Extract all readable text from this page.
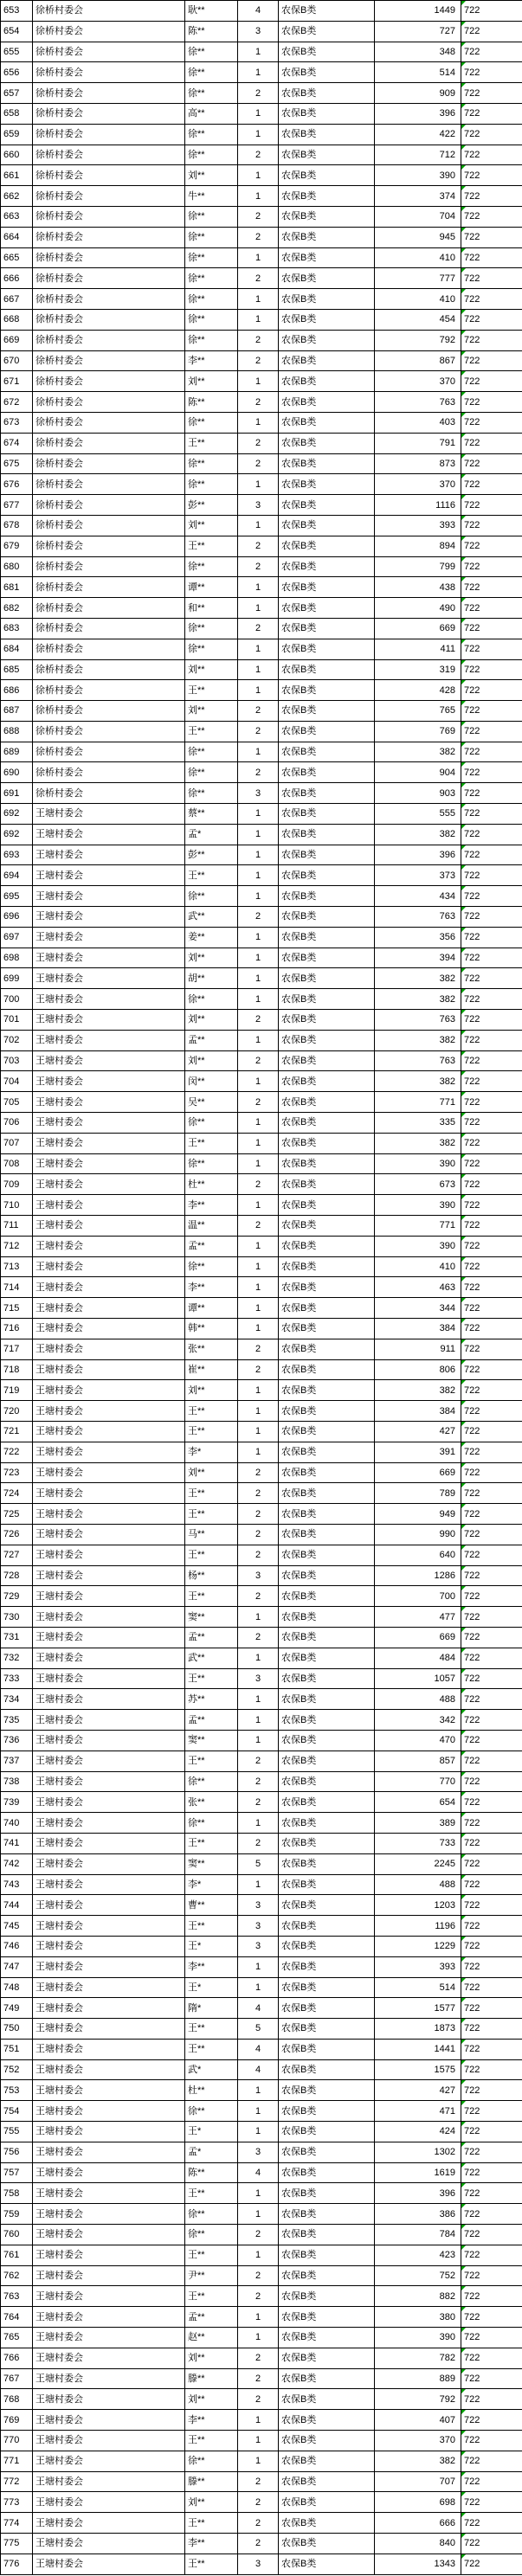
653	徐桥村委会	耿**	4	农保B类	1449	722
654	徐桥村委会	陈**	3	农保B类	727	722
655	徐桥村委会	徐**	1	农保B类	348	722
656	徐桥村委会	徐**	1	农保B类	514	722
657	徐桥村委会	徐**	2	农保B类	909	722
658	徐桥村委会	高**	1	农保B类	396	722
659	徐桥村委会	徐**	1	农保B类	422	722
660	徐桥村委会	徐**	2	农保B类	712	722
661	徐桥村委会	刘**	1	农保B类	390	722
662	徐桥村委会	牛**	1	农保B类	374	722
663	徐桥村委会	徐**	2	农保B类	704	722
664	徐桥村委会	徐**	2	农保B类	945	722
665	徐桥村委会	徐**	1	农保B类	410	722
666	徐桥村委会	徐**	2	农保B类	777	722
667	徐桥村委会	徐**	1	农保B类	410	722
668	徐桥村委会	徐**	1	农保B类	454	722
669	徐桥村委会	徐**	2	农保B类	792	722
670	徐桥村委会	李**	2	农保B类	867	722
671	徐桥村委会	刘**	1	农保B类	370	722
672	徐桥村委会	陈**	2	农保B类	763	722
673	徐桥村委会	徐**	1	农保B类	403	722
674	徐桥村委会	王**	2	农保B类	791	722
675	徐桥村委会	徐**	2	农保B类	873	722
676	徐桥村委会	徐**	1	农保B类	370	722
677	徐桥村委会	彭**	3	农保B类	1116	722
678	徐桥村委会	刘**	1	农保B类	393	722
679	徐桥村委会	王**	2	农保B类	894	722
680	徐桥村委会	徐**	2	农保B类	799	722
681	徐桥村委会	谭**	1	农保B类	438	722
682	徐桥村委会	和**	1	农保B类	490	722
683	徐桥村委会	徐**	2	农保B类	669	722
684	徐桥村委会	徐**	1	农保B类	411	722
685	徐桥村委会	刘**	1	农保B类	319	722
686	徐桥村委会	王**	1	农保B类	428	722
687	徐桥村委会	刘**	2	农保B类	765	722
688	徐桥村委会	王**	2	农保B类	769	722
689	徐桥村委会	徐**	1	农保B类	382	722
690	徐桥村委会	徐**	2	农保B类	904	722
691	徐桥村委会	徐**	3	农保B类	903	722
692	王塘村委会	蔡**	1	农保B类	555	722
692	王塘村委会	孟*	1	农保B类	382	722
693	王塘村委会	彭**	1	农保B类	396	722
694	王塘村委会	王**	1	农保B类	373	722
695	王塘村委会	徐**	1	农保B类	434	722
696	王塘村委会	武**	2	农保B类	763	722
697	王塘村委会	姜**	1	农保B类	356	722
698	王塘村委会	刘**	1	农保B类	394	722
699	王塘村委会	胡**	1	农保B类	382	722
700	王塘村委会	徐**	1	农保B类	382	722
701	王塘村委会	刘**	2	农保B类	763	722
702	王塘村委会	孟**	1	农保B类	382	722
703	王塘村委会	刘**	2	农保B类	763	722
704	王塘村委会	闵**	1	农保B类	382	722
705	王塘村委会	吴**	2	农保B类	771	722
706	王塘村委会	徐**	1	农保B类	335	722
707	王塘村委会	王**	1	农保B类	382	722
708	王塘村委会	徐**	1	农保B类	390	722
709	王塘村委会	杜**	2	农保B类	673	722
710	王塘村委会	李**	1	农保B类	390	722
711	王塘村委会	温**	2	农保B类	771	722
712	王塘村委会	孟**	1	农保B类	390	722
713	王塘村委会	徐**	1	农保B类	410	722
714	王塘村委会	李**	1	农保B类	463	722
715	王塘村委会	谭**	1	农保B类	344	722
716	王塘村委会	韩**	1	农保B类	384	722
717	王塘村委会	张**	2	农保B类	911	722
718	王塘村委会	崔**	2	农保B类	806	722
719	王塘村委会	刘**	1	农保B类	382	722
720	王塘村委会	王**	1	农保B类	384	722
721	王塘村委会	王**	1	农保B类	427	722
722	王塘村委会	李*	1	农保B类	391	722
723	王塘村委会	刘**	2	农保B类	669	722
724	王塘村委会	王**	2	农保B类	789	722
725	王塘村委会	王**	2	农保B类	949	722
726	王塘村委会	马**	2	农保B类	990	722
727	王塘村委会	王**	2	农保B类	640	722
728	王塘村委会	杨**	3	农保B类	1286	722
729	王塘村委会	王**	2	农保B类	700	722
730	王塘村委会	窦**	1	农保B类	477	722
731	王塘村委会	孟**	2	农保B类	669	722
732	王塘村委会	武**	1	农保B类	484	722
733	王塘村委会	王**	3	农保B类	1057	722
734	王塘村委会	苏**	1	农保B类	488	722
735	王塘村委会	孟**	1	农保B类	342	722
736	王塘村委会	窦**	1	农保B类	470	722
737	王塘村委会	王**	2	农保B类	857	722
738	王塘村委会	徐**	2	农保B类	770	722
739	王塘村委会	张**	2	农保B类	654	722
740	王塘村委会	徐**	1	农保B类	389	722
741	王塘村委会	王**	2	农保B类	733	722
742	王塘村委会	窦**	5	农保B类	2245	722
743	王塘村委会	李*	1	农保B类	488	722
744	王塘村委会	曹**	3	农保B类	1203	722
745	王塘村委会	王**	3	农保B类	1196	722
746	王塘村委会	王*	3	农保B类	1229	722
747	王塘村委会	李**	1	农保B类	393	722
748	王塘村委会	王*	1	农保B类	514	722
749	王塘村委会	隋*	4	农保B类	1577	722
750	王塘村委会	王**	5	农保B类	1873	722
751	王塘村委会	王**	4	农保B类	1441	722
752	王塘村委会	武*	4	农保B类	1575	722
753	王塘村委会	杜**	1	农保B类	427	722
754	王塘村委会	徐**	1	农保B类	471	722
755	王塘村委会	王*	1	农保B类	424	722
756	王塘村委会	孟*	3	农保B类	1302	722
757	王塘村委会	陈**	4	农保B类	1619	722
758	王塘村委会	王**	1	农保B类	396	722
759	王塘村委会	徐**	1	农保B类	386	722
760	王塘村委会	徐**	2	农保B类	784	722
761	王塘村委会	王**	1	农保B类	423	722
762	王塘村委会	尹**	2	农保B类	752	722
763	王塘村委会	王**	2	农保B类	882	722
764	王塘村委会	孟**	1	农保B类	380	722
765	王塘村委会	赵**	1	农保B类	390	722
766	王塘村委会	刘**	2	农保B类	782	722
767	王塘村委会	滕**	2	农保B类	889	722
768	王塘村委会	刘**	2	农保B类	792	722
769	王塘村委会	李**	1	农保B类	407	722
770	王塘村委会	王**	1	农保B类	370	722
771	王塘村委会	徐**	1	农保B类	382	722
772	王塘村委会	滕**	2	农保B类	707	722
773	王塘村委会	刘**	2	农保B类	698	722
774	王塘村委会	王**	2	农保B类	666	722
775	王塘村委会	李**	2	农保B类	840	722
776	王塘村委会	王**	3	农保B类	1343	722
